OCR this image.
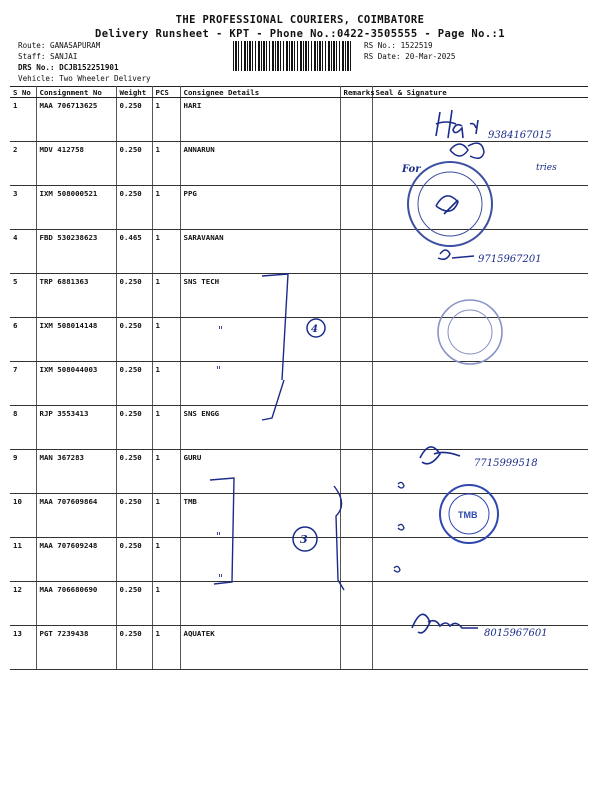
THE PROFESSIONAL COURIERS, COIMBATORE
Delivery Runsheet - KPT - Phone No.:0422-3505555 - Page No.:1
Route: GANASAPURAM
Staff: SANJAI
DRS No.: DCJB152251901
Vehicle: Two Wheeler Delivery
RS No.: 1522519
RS Date: 20-Mar-2025
S No	Consignment No	Weight	PCS	Consignee Details	Remarks	Seal & Signature
1	MAA 706713625	0.250	1	HARI		
2	MDV 412758	0.250	1	ANNARUN		
3	IXM 508000521	0.250	1	PPG		
4	FBD 530238623	0.465	1	SARAVANAN		
5	TRP 6881363	0.250	1	SNS TECH		
6	IXM 508014148	0.250	1			
7	IXM 508044003	0.250	1			
8	RJP 3553413	0.250	1	SNS ENGG		
9	MAN 367283	0.250	1	GURU		
10	MAA 707609864	0.250	1	TMB		
11	MAA 707609248	0.250	1			
12	MAA 706680690	0.250	1			
13	PGT 7239438	0.250	1	AQUATEK		
9384167015
For	tries
9715967201
4
"
"
7715999518
TMB
3
"
"
8015967601
